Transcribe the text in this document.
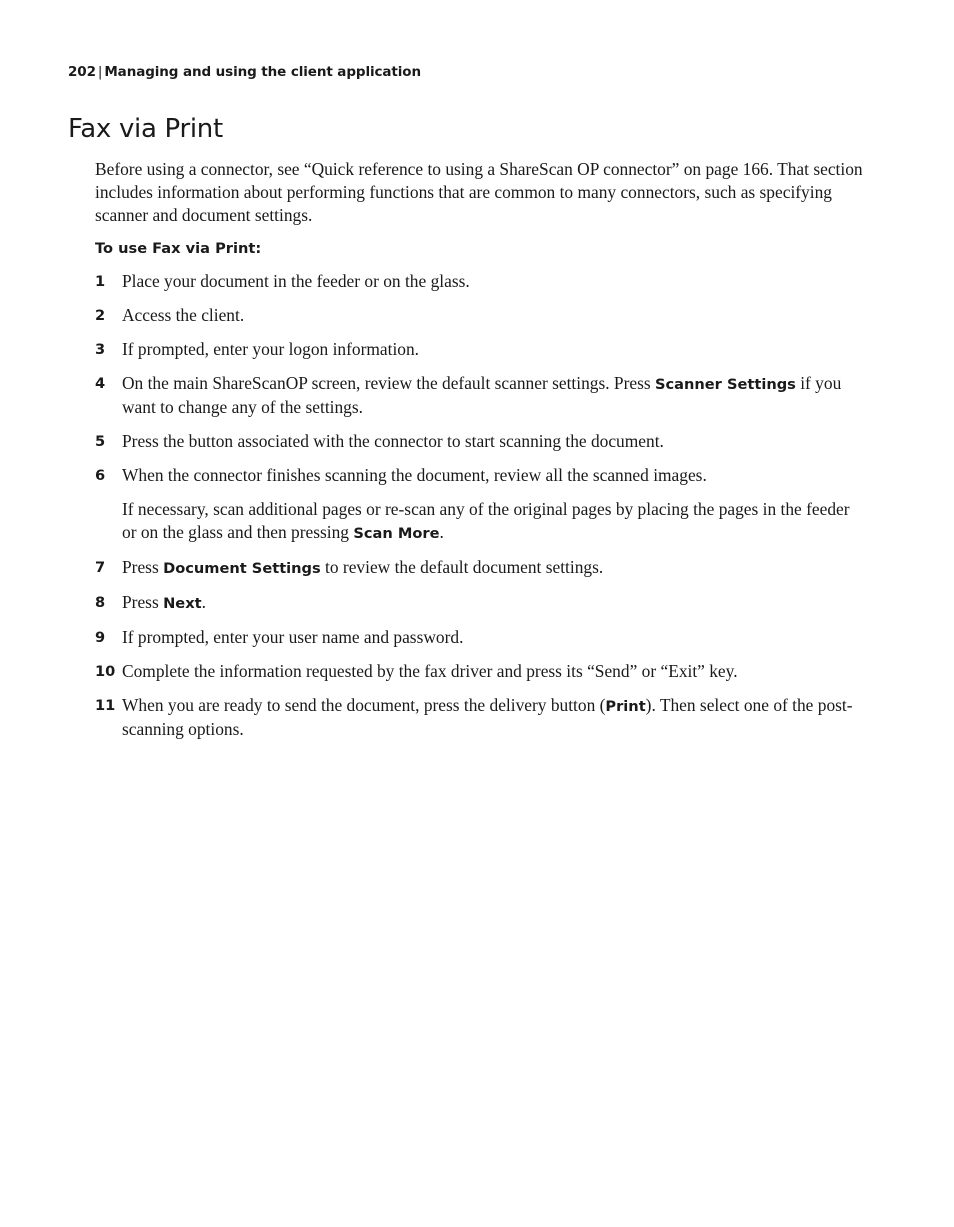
202 | Managing and using the client application
Fax via Print

Before using a connector, see “Quick reference to using a ShareScan OP connector” on page 166. That section includes information about performing functions that are common to many connectors, such as specifying scanner and document settings.

To use Fax via Print:

1 Place your document in the feeder or on the glass.

2 Access the client.

3 If prompted, enter your logon information.

4 On the main ShareScanOP screen, review the default scanner settings. Press Scanner Settings if you want to change any of the settings.

5 Press the button associated with the connector to start scanning the document.

6 When the connector finishes scanning the document, review all the scanned images.

If necessary, scan additional pages or re-scan any of the original pages by placing the pages in the feeder or on the glass and then pressing Scan More.

7 Press Document Settings to review the default document settings.

8 Press Next.

9 If prompted, enter your user name and password.

10 Complete the information requested by the fax driver and press its “Send” or “Exit” key.

11 When you are ready to send the document, press the delivery button (Print). Then select one of the post-scanning options.
